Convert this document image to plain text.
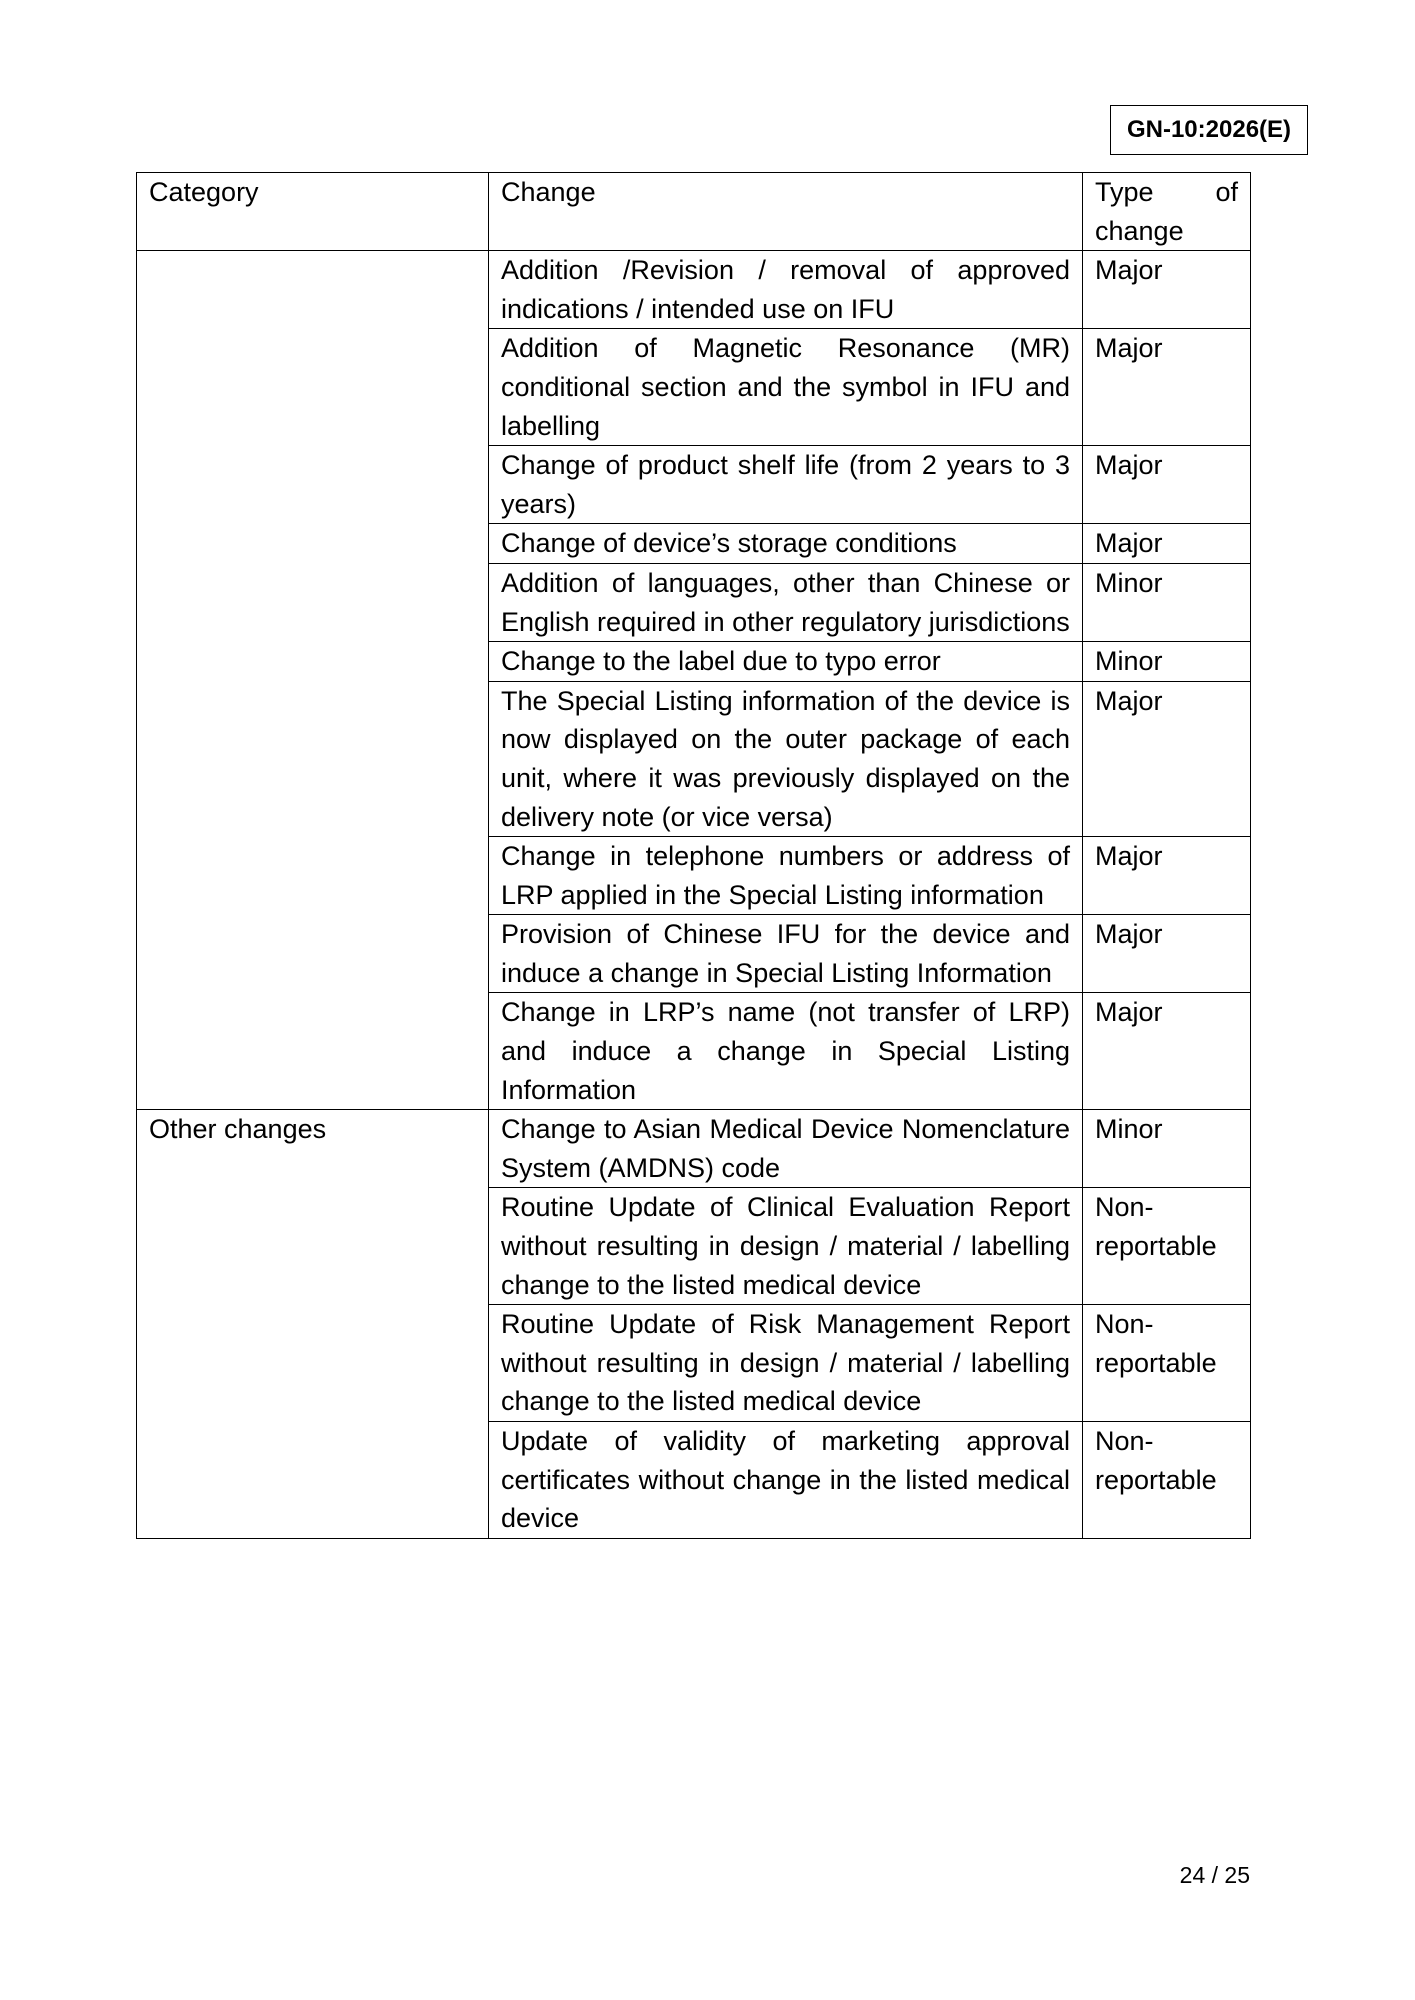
GN-10:2026(E)
Category	Change	Type of change
	Addition /Revision / removal of approved indications / intended use on IFU	Major
	Addition of Magnetic Resonance (MR) conditional section and the symbol in IFU and labelling	Major
	Change of product shelf life (from 2 years to 3 years)	Major
	Change of device’s storage conditions	Major
	Addition of languages, other than Chinese or English required in other regulatory jurisdictions	Minor
	Change to the label due to typo error	Minor
	The Special Listing information of the device is now displayed on the outer package of each unit, where it was previously displayed on the delivery note (or vice versa)	Major
	Change in telephone numbers or address of LRP applied in the Special Listing information	Major
	Provision of Chinese IFU for the device and induce a change in Special Listing Information	Major
	Change in LRP’s name (not transfer of LRP) and induce a change in Special Listing Information	Major
Other changes	Change to Asian Medical Device Nomenclature System (AMDNS) code	Minor
	Routine Update of Clinical Evaluation Report without resulting in design / material / labelling change to the listed medical device	Non-reportable
	Routine Update of Risk Management Report without resulting in design / material / labelling change to the listed medical device	Non-reportable
	Update of validity of marketing approval certificates without change in the listed medical device	Non-reportable
24 / 25
